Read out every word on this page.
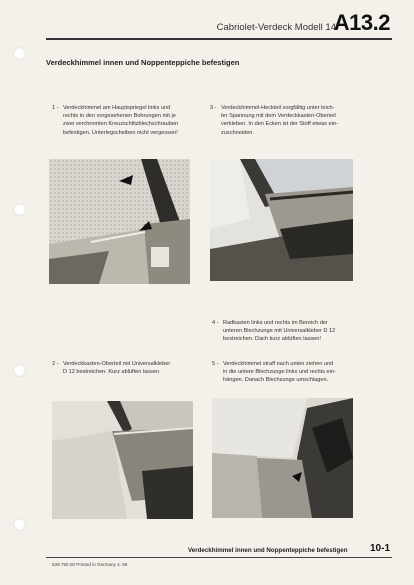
Cabriolet-Verdeck Modell 14
A13.2
Verdeckhimmel innen und Noppenteppiche befestigen
1 - Verdeckhimmel am Hauptspriegel links und
rechts in den vorgesehenen Bohrungen mit je
zwei verchromten Kreuzschlitzblechschrauben
befestigen. Unterlegscheiben nicht vergessen!
3 - Verdeckhimmel-Heckteil sorgfältig unter leich-
ter Spannung mit dem Verdeckkasten-Oberteil
verkleben. In den Ecken ist der Stoff etwas ein-
zuschneiden.
4 - Radkasten links und rechts im Bereich der
unteren Blechzunge mit Universalkleber D 12
bestreichen. Dach kurz ablüften lassen!
2 - Verdeckkasten-Oberteil mit Universalkleber
D 12 bestreichen. Kurz ablüften lassen.
5 - Verdeckhimmel straff nach unten ziehen und
in die untere Blechzunge links und rechts ein-
hängen. Danach Blechzunge umschlagen.
Verdeckhimmel innen und Noppenteppiche befestigen 10-1
539.750.00 Printed in Germany 4. 69
